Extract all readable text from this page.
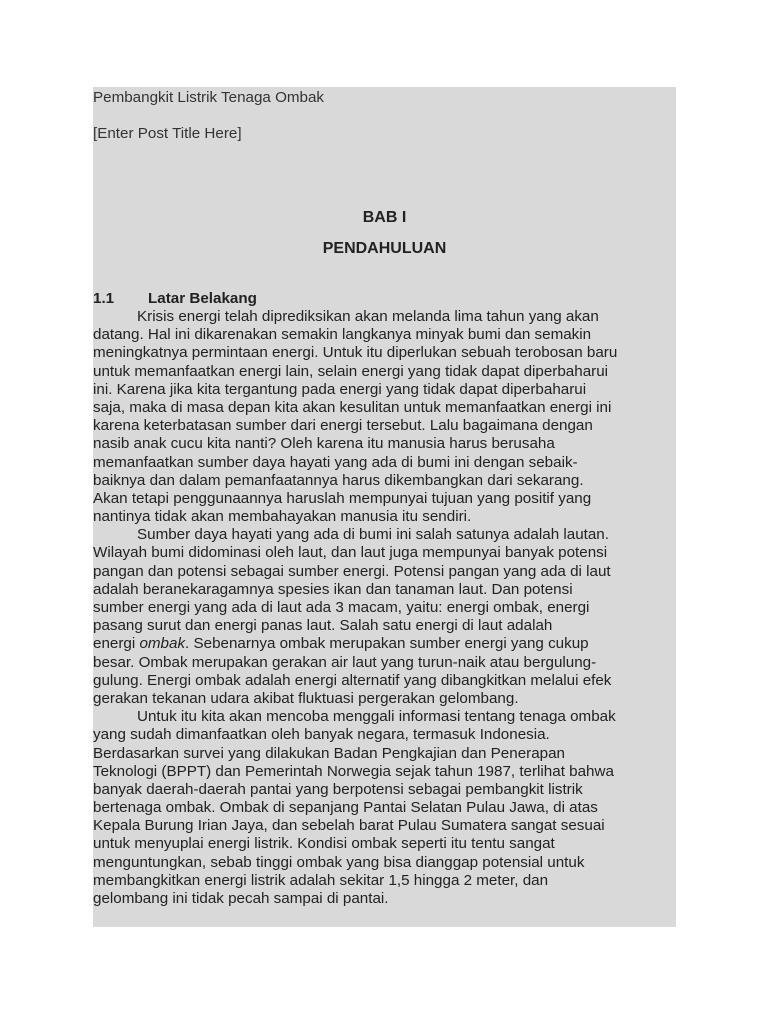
Pembangkit Listrik Tenaga Ombak
[Enter Post Title Here]
BAB I
PENDAHULUAN
1.1 Latar Belakang
Krisis energi telah diprediksikan akan melanda lima tahun yang akan
datang. Hal ini dikarenakan semakin langkanya minyak bumi dan semakin
meningkatnya permintaan energi. Untuk itu diperlukan sebuah terobosan baru
untuk memanfaatkan energi lain, selain energi yang tidak dapat diperbaharui
ini. Karena jika kita tergantung pada energi yang tidak dapat diperbaharui
saja, maka di masa depan kita akan kesulitan untuk memanfaatkan energi ini
karena keterbatasan sumber dari energi tersebut. Lalu bagaimana dengan
nasib anak cucu kita nanti? Oleh karena itu manusia harus berusaha
memanfaatkan sumber daya hayati yang ada di bumi ini dengan sebaik-
baiknya dan dalam pemanfaatannya harus dikembangkan dari sekarang.
Akan tetapi penggunaannya haruslah mempunyai tujuan yang positif yang
nantinya tidak akan membahayakan manusia itu sendiri.
Sumber daya hayati yang ada di bumi ini salah satunya adalah lautan.
Wilayah bumi didominasi oleh laut, dan laut juga mempunyai banyak potensi
pangan dan potensi sebagai sumber energi. Potensi pangan yang ada di laut
adalah beranekaragamnya spesies ikan dan tanaman laut. Dan potensi
sumber energi yang ada di laut ada 3 macam, yaitu: energi ombak, energi
pasang surut dan energi panas laut. Salah satu energi di laut adalah
energi ombak. Sebenarnya ombak merupakan sumber energi yang cukup
besar. Ombak merupakan gerakan air laut yang turun-naik atau bergulung-
gulung. Energi ombak adalah energi alternatif yang dibangkitkan melalui efek
gerakan tekanan udara akibat fluktuasi pergerakan gelombang.
Untuk itu kita akan mencoba menggali informasi tentang tenaga ombak
yang sudah dimanfaatkan oleh banyak negara, termasuk Indonesia.
Berdasarkan survei yang dilakukan Badan Pengkajian dan Penerapan
Teknologi (BPPT) dan Pemerintah Norwegia sejak tahun 1987, terlihat bahwa
banyak daerah-daerah pantai yang berpotensi sebagai pembangkit listrik
bertenaga ombak. Ombak di sepanjang Pantai Selatan Pulau Jawa, di atas
Kepala Burung Irian Jaya, dan sebelah barat Pulau Sumatera sangat sesuai
untuk menyuplai energi listrik. Kondisi ombak seperti itu tentu sangat
menguntungkan, sebab tinggi ombak yang bisa dianggap potensial untuk
membangkitkan energi listrik adalah sekitar 1,5 hingga 2 meter, dan
gelombang ini tidak pecah sampai di pantai.
